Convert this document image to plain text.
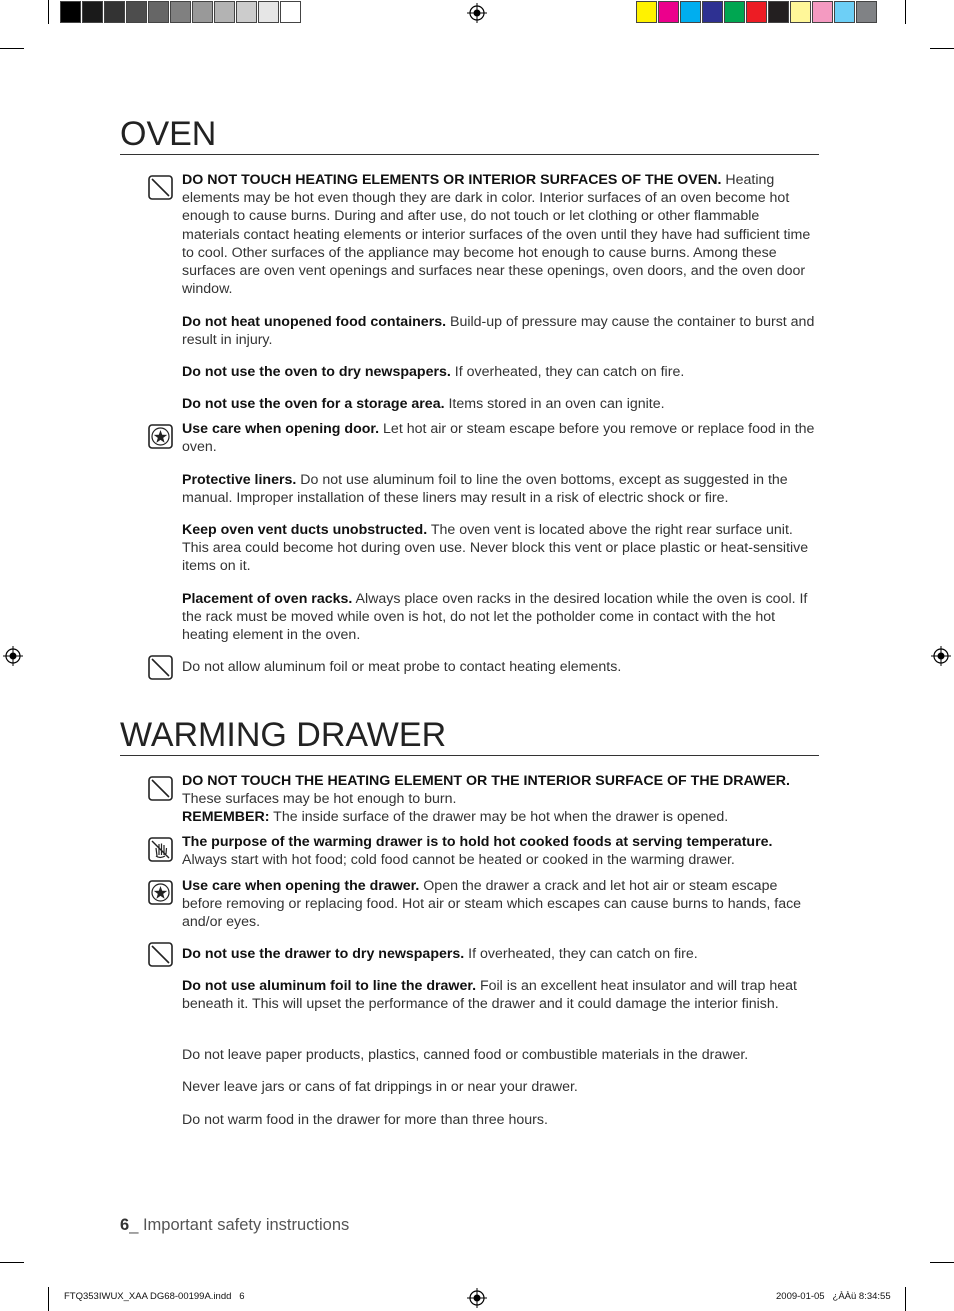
OVEN
DO NOT TOUCH HEATING ELEMENTS OR INTERIOR SURFACES OF THE OVEN. Heating elements may be hot even though they are dark in color. Interior surfaces of an oven become hot enough to cause burns. During and after use, do not touch or let clothing or other flammable materials contact heating elements or interior surfaces of the oven until they have had sufficient time to cool. Other surfaces of the appliance may become hot enough to cause burns. Among these surfaces are oven vent openings and surfaces near these openings, oven doors, and the oven door window.
Do not heat unopened food containers. Build-up of pressure may cause the container to burst and result in injury.
Do not use the oven to dry newspapers. If overheated, they can catch on fire.
Do not use the oven for a storage area. Items stored in an oven can ignite.
Use care when opening door. Let hot air or steam escape before you remove or replace food in the oven.
Protective liners. Do not use aluminum foil to line the oven bottoms, except as suggested in the manual. Improper installation of these liners may result in a risk of electric shock or fire.
Keep oven vent ducts unobstructed. The oven vent is located above the right rear surface unit. This area could become hot during oven use. Never block this vent or place plastic or heat-sensitive items on it.
Placement of oven racks. Always place oven racks in the desired location while the oven is cool. If the rack must be moved while oven is hot, do not let the potholder come in contact with the hot heating element in the oven.
Do not allow aluminum foil or meat probe to contact heating elements.
WARMING DRAWER
DO NOT TOUCH THE HEATING ELEMENT OR THE INTERIOR SURFACE OF THE DRAWER. These surfaces may be hot enough to burn.
REMEMBER: The inside surface of the drawer may be hot when the drawer is opened.
The purpose of the warming drawer is to hold hot cooked foods at serving temperature. Always start with hot food; cold food cannot be heated or cooked in the warming drawer.
Use care when opening the drawer. Open the drawer a crack and let hot air or steam escape before removing or replacing food. Hot air or steam which escapes can cause burns to hands, face and/or eyes.
Do not use the drawer to dry newspapers. If overheated, they can catch on fire.
Do not use aluminum foil to line the drawer. Foil is an excellent heat insulator and will trap heat beneath it. This will upset the performance of the drawer and it could damage the interior finish.
Do not leave paper products, plastics, canned food or combustible materials in the drawer.
Never leave jars or cans of fat drippings in or near your drawer.
Do not warm food in the drawer for more than three hours.
6_ Important safety instructions
FTQ353IWUX_XAA DG68-00199A.indd   6	2009-01-05   ¿ÀÀü 8:34:55
